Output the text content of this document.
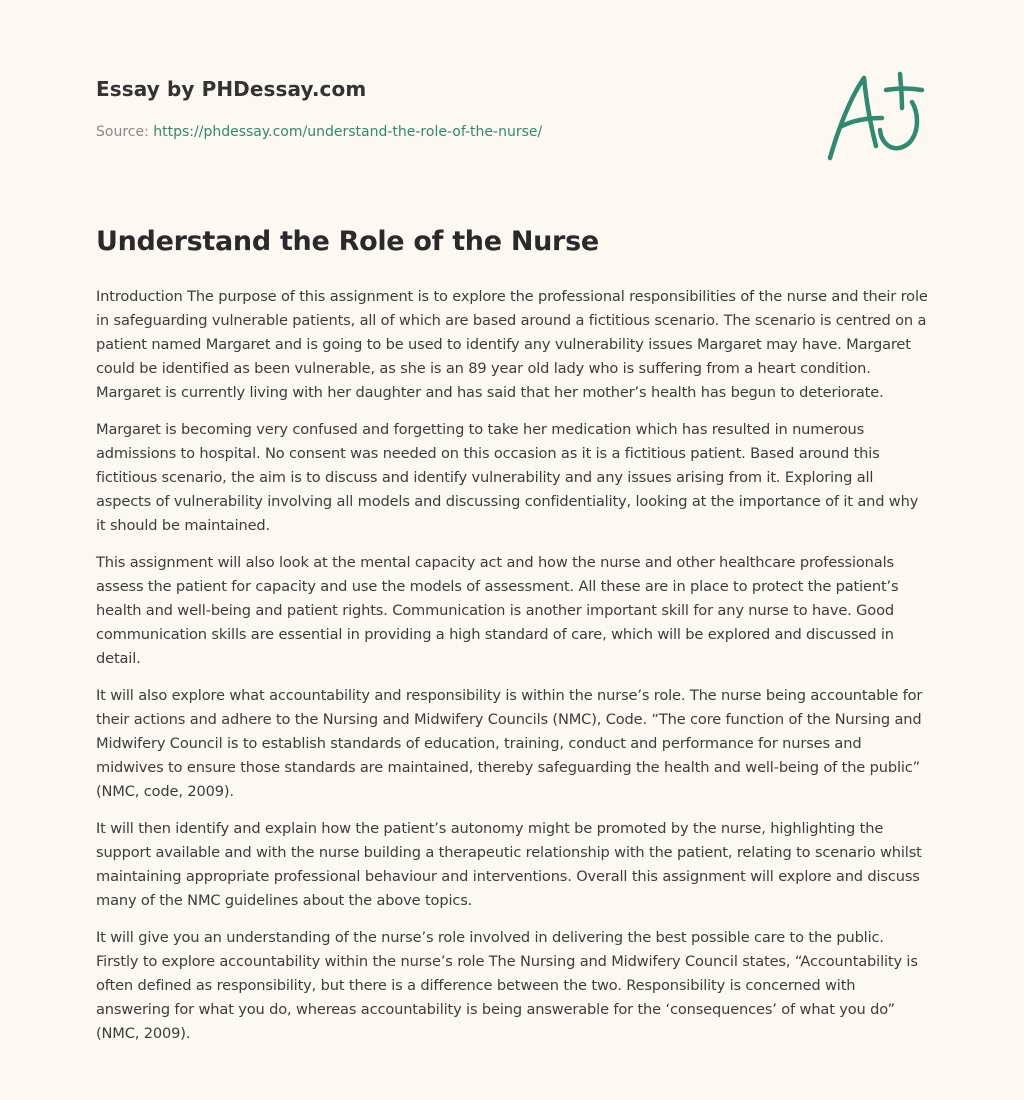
Essay by PHDessay.com
Source: https://phdessay.com/understand-the-role-of-the-nurse/
Understand the Role of the Nurse

Introduction The purpose of this assignment is to explore the professional responsibilities of the nurse and their role in safeguarding vulnerable patients, all of which are based around a fictitious scenario. The scenario is centred on a patient named Margaret and is going to be used to identify any vulnerability issues Margaret may have. Margaret could be identified as been vulnerable, as she is an 89 year old lady who is suffering from a heart condition. Margaret is currently living with her daughter and has said that her mother’s health has begun to deteriorate.

Margaret is becoming very confused and forgetting to take her medication which has resulted in numerous admissions to hospital. No consent was needed on this occasion as it is a fictitious patient. Based around this fictitious scenario, the aim is to discuss and identify vulnerability and any issues arising from it. Exploring all aspects of vulnerability involving all models and discussing confidentiality, looking at the importance of it and why it should be maintained.

This assignment will also look at the mental capacity act and how the nurse and other healthcare professionals assess the patient for capacity and use the models of assessment. All these are in place to protect the patient’s health and well-being and patient rights. Communication is another important skill for any nurse to have. Good communication skills are essential in providing a high standard of care, which will be explored and discussed in detail.

It will also explore what accountability and responsibility is within the nurse’s role. The nurse being accountable for their actions and adhere to the Nursing and Midwifery Councils (NMC), Code. “The core function of the Nursing and Midwifery Council is to establish standards of education, training, conduct and performance for nurses and midwives to ensure those standards are maintained, thereby safeguarding the health and well-being of the public” (NMC, code, 2009).

It will then identify and explain how the patient’s autonomy might be promoted by the nurse, highlighting the support available and with the nurse building a therapeutic relationship with the patient, relating to scenario whilst maintaining appropriate professional behaviour and interventions. Overall this assignment will explore and discuss many of the NMC guidelines about the above topics.

It will give you an understanding of the nurse’s role involved in delivering the best possible care to the public. Firstly to explore accountability within the nurse’s role The Nursing and Midwifery Council states, “Accountability is often defined as responsibility, but there is a difference between the two. Responsibility is concerned with answering for what you do, whereas accountability is being answerable for the ‘consequences’ of what you do” (NMC, 2009).
